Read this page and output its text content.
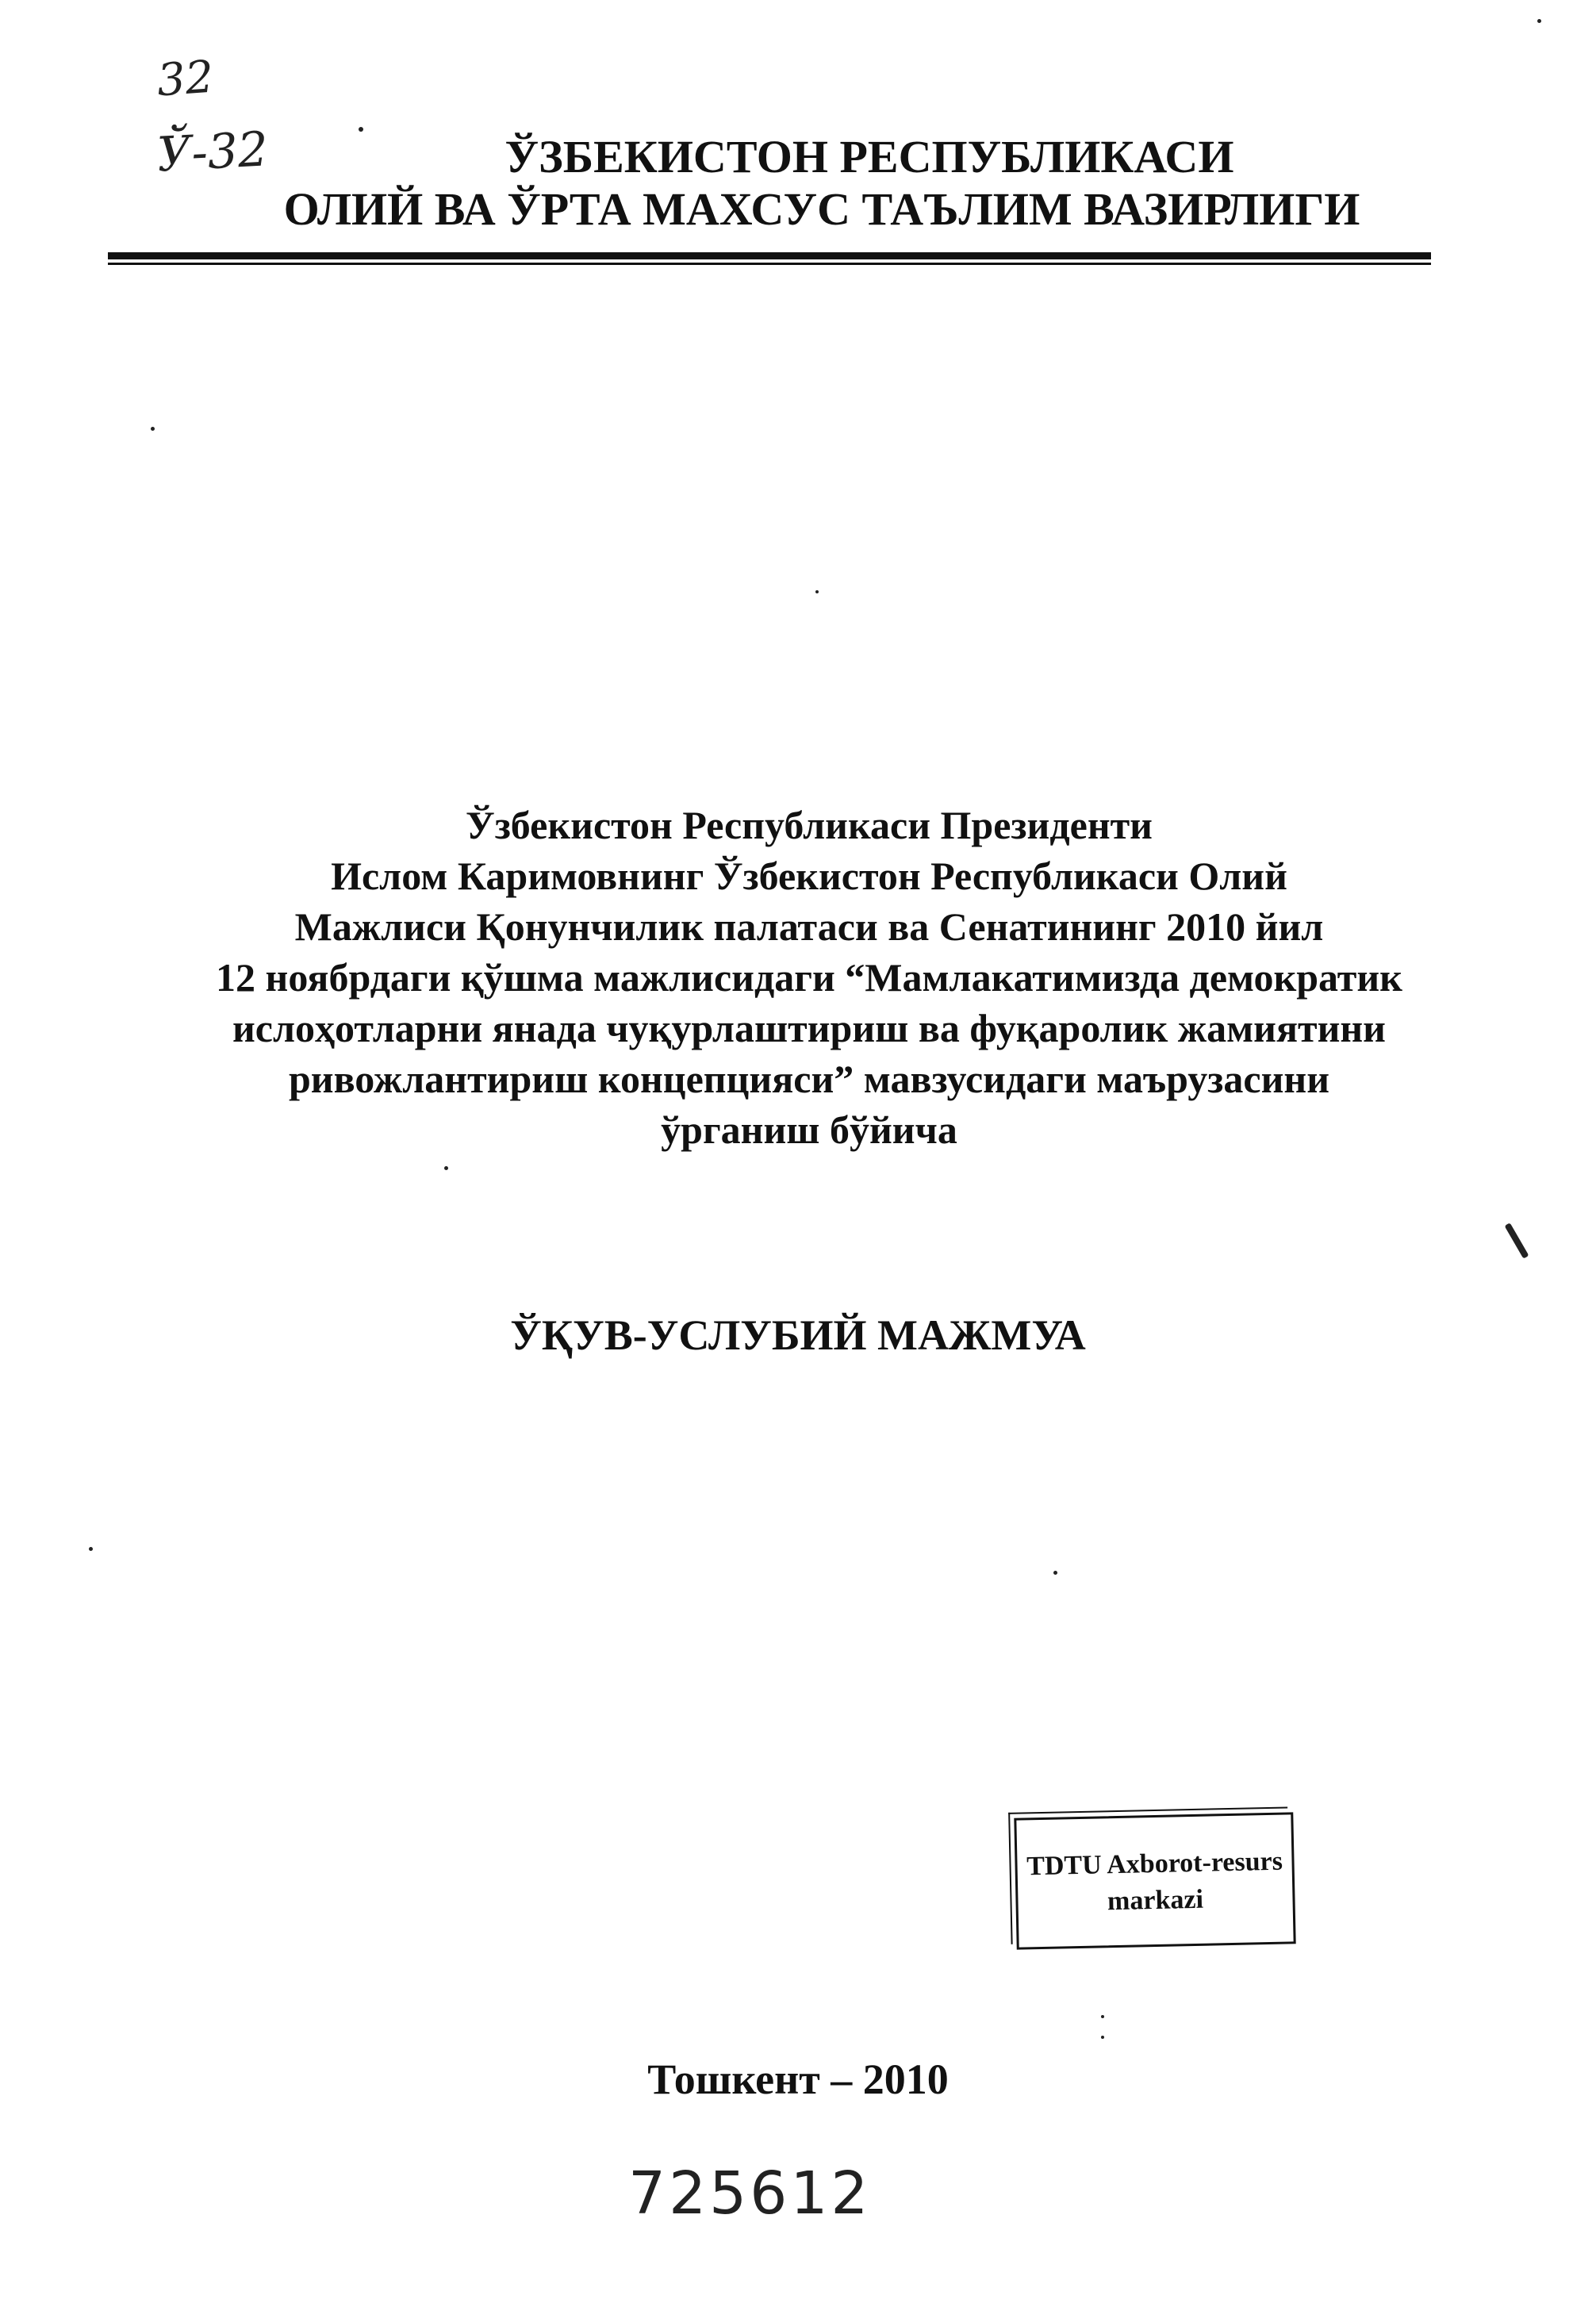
32
Ў-32	ЎЗБЕКИСТОН РЕСПУБЛИКАСИ
ОЛИЙ ВА ЎРТА МАХСУС ТАЪЛИМ ВАЗИРЛИГИ
Ўзбекистон Республикаси Президенти
Ислом Каримовнинг Ўзбекистон Республикаси Олий
Мажлиси Қонунчилик палатаси ва Сенатининг 2010 йил
12 ноябрдаги қўшма мажлисидаги “Мамлакатимизда демократик
ислоҳотларни янада чуқурлаштириш ва фуқаролик жамиятини
ривожлантириш концепцияси” мавзусидаги маърузасини
ўрганиш бўйича
ЎҚУВ-УСЛУБИЙ МАЖМУА
TDTU Axborot-resurs
markazi
Тошкент – 2010
725612
